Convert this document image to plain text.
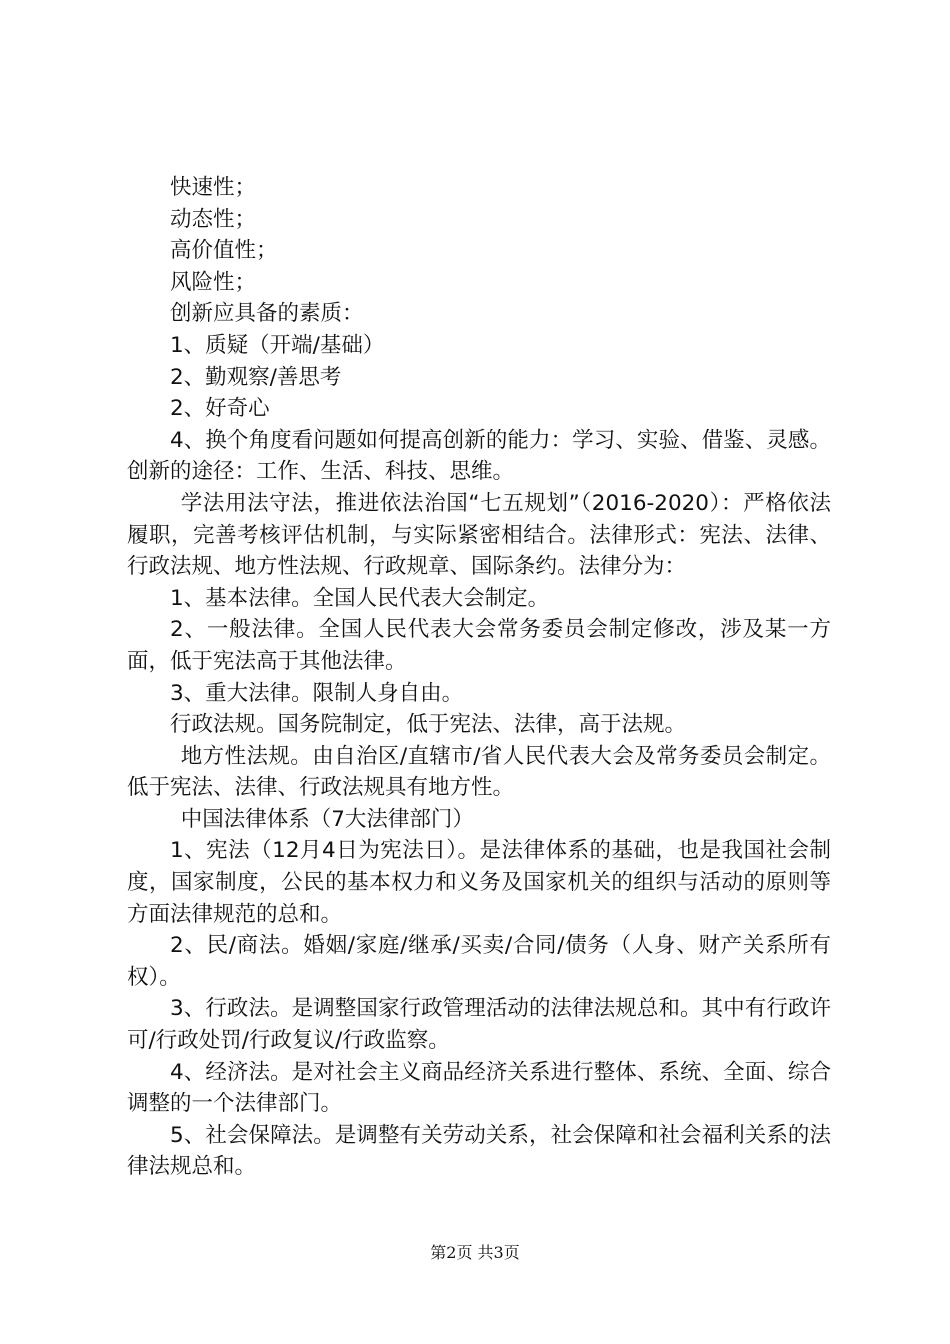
快速性；

动态性；

高价值性；

风险性；

创新应具备的素质：

1、质疑（开端/基础）

2、勤观察/善思考

2、好奇心

4、换个角度看问题如何提高创新的能力：学习、实验、借鉴、灵感。创新的途径：工作、生活、科技、思维。

学法用法守法，推进依法治国“七五规划”（2016-2020）：严格依法履职，完善考核评估机制，与实际紧密相结合。法律形式：宪法、法律、行政法规、地方性法规、行政规章、国际条约。法律分为：

1、基本法律。全国人民代表大会制定。

2、一般法律。全国人民代表大会常务委员会制定修改，涉及某一方面，低于宪法高于其他法律。

3、重大法律。限制人身自由。

行政法规。国务院制定，低于宪法、法律，高于法规。

地方性法规。由自治区/直辖市/省人民代表大会及常务委员会制定。低于宪法、法律、行政法规具有地方性。

中国法律体系（7大法律部门）

1、宪法（12月4日为宪法日）。是法律体系的基础，也是我国社会制度，国家制度，公民的基本权力和义务及国家机关的组织与活动的原则等方面法律规范的总和。

2、民/商法。婚姻/家庭/继承/买卖/合同/债务（人身、财产关系所有权）。

3、行政法。是调整国家行政管理活动的法律法规总和。其中有行政许可/行政处罚/行政复议/行政监察。

4、经济法。是对社会主义商品经济关系进行整体、系统、全面、综合调整的一个法律部门。

5、社会保障法。是调整有关劳动关系，社会保障和社会福利关系的法律法规总和。

第2页 共3页
